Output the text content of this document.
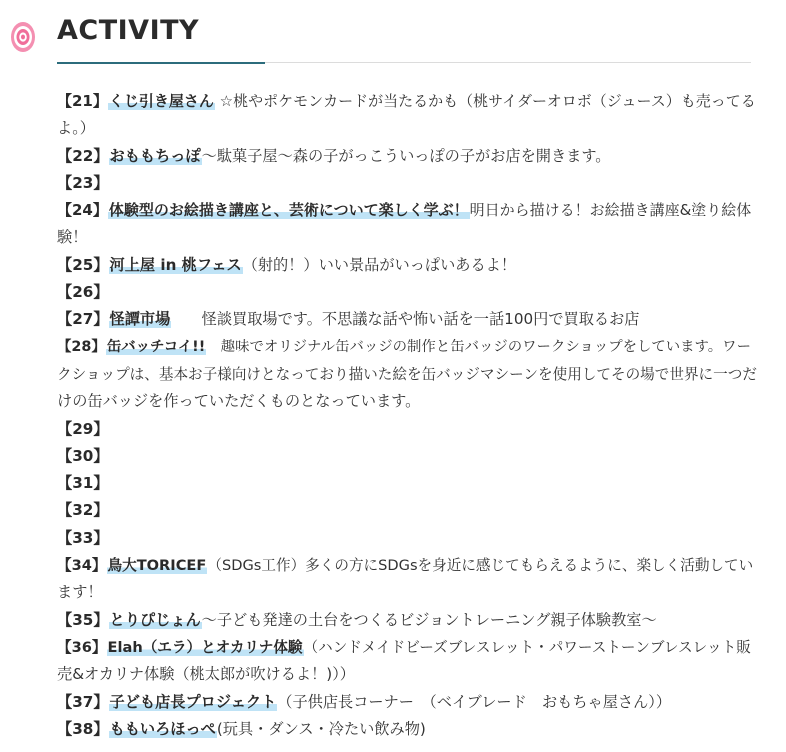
ACTIVITY
【21】くじ引き屋さん ☆桃やポケモンカードが当たるかも（桃サイダーオロボ（ジュース）も売ってる
よ。）
【22】おももちっぽ〜駄菓子屋〜森の子がっこういっぽの子がお店を開きます。
【23】
【24】体験型のお絵描き講座と、芸術について楽しく学ぶ！明日から描ける！お絵描き講座&塗り絵体
験！
【25】河上屋 in 桃フェス（射的！）いい景品がいっぱいあるよ！
【26】
【27】怪譚市場　　怪談買取場です。不思議な話や怖い話を一話100円で買取るお店
【28】缶バッチコイ!!　趣味でオリジナル缶バッジの制作と缶バッジのワークショップをしています。ワー
クショップは、基本お子様向けとなっており描いた絵を缶バッジマシーンを使用してその場で世界に一つだ
けの缶バッジを作っていただくものとなっています。
【29】
【30】
【31】
【32】
【33】
【34】鳥大TORICEF（SDGs工作）多くの方にSDGsを身近に感じてもらえるように、楽しく活動してい
ます！
【35】とりぴじょん〜子ども発達の土台をつくるビジョントレーニング親子体験教室〜
【36】Elah（エラ）とオカリナ体験（ハンドメイドビーズブレスレット・パワーストーンブレスレット販
売&オカリナ体験（桃太郎が吹けるよ！)））
【37】子ども店長プロジェクト（子供店長コーナー　（ベイブレード　おもちゃ屋さん））
【38】ももいろほっぺ(玩具・ダンス・冷たい飲み物)
